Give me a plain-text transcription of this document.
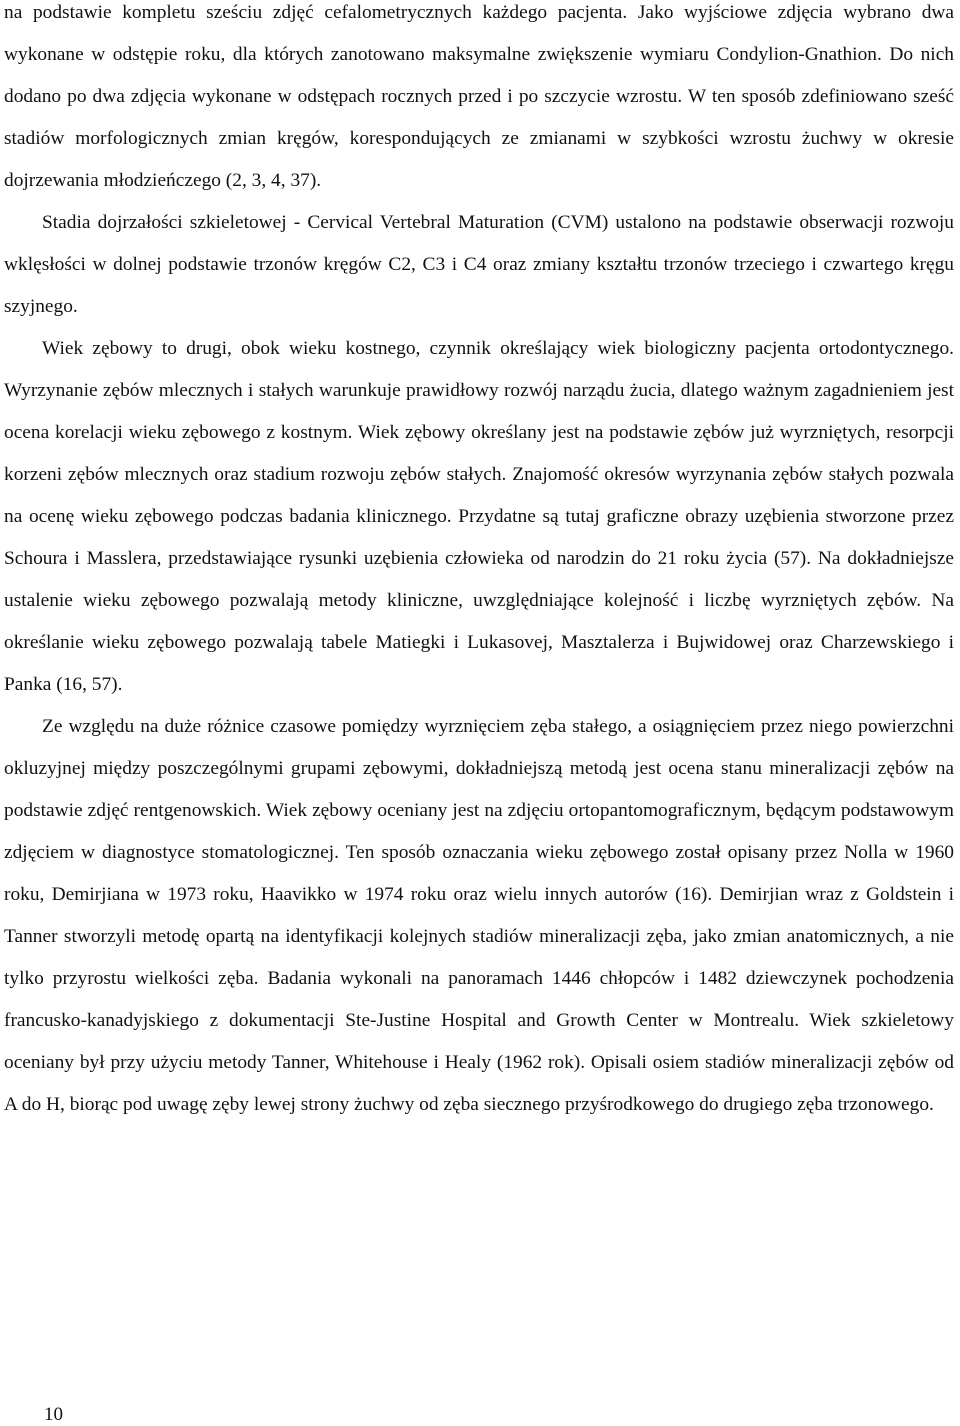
na podstawie kompletu sześciu zdjęć cefalometrycznych każdego pacjenta. Jako wyjściowe zdjęcia wybrano dwa wykonane w odstępie roku, dla których zanotowano maksymalne zwiększenie wymiaru Condylion-Gnathion. Do nich dodano po dwa zdjęcia wykonane w odstępach rocznych przed i po szczycie wzrostu. W ten sposób zdefiniowano sześć stadiów morfologicznych zmian kręgów, korespondujących ze zmianami w szybkości wzrostu żuchwy w okresie dojrzewania młodzieńczego (2, 3, 4, 37).

Stadia dojrzałości szkieletowej - Cervical Vertebral Maturation (CVM) ustalono na podstawie obserwacji rozwoju wklęsłości w dolnej podstawie trzonów kręgów C2, C3 i C4 oraz zmiany kształtu trzonów trzeciego i czwartego kręgu szyjnego.

Wiek zębowy to drugi, obok wieku kostnego, czynnik określający wiek biologiczny pacjenta ortodontycznego. Wyrzynanie zębów mlecznych i stałych warunkuje prawidłowy rozwój narządu żucia, dlatego ważnym zagadnieniem jest ocena korelacji wieku zębowego z kostnym. Wiek zębowy określany jest na podstawie zębów już wyrzniętych, resorpcji korzeni zębów mlecznych oraz stadium rozwoju zębów stałych. Znajomość okresów wyrzynania zębów stałych pozwala na ocenę wieku zębowego podczas badania klinicznego. Przydatne są tutaj graficzne obrazy uzębienia stworzone przez Schoura i Masslera, przedstawiające rysunki uzębienia człowieka od narodzin do 21 roku życia (57). Na dokładniejsze ustalenie wieku zębowego pozwalają metody kliniczne, uwzględniające kolejność i liczbę wyrzniętych zębów. Na określanie wieku zębowego pozwalają tabele Matiegki i Lukasovej, Masztalerza i Bujwidowej oraz Charzewskiego i Panka (16, 57).

Ze względu na duże różnice czasowe pomiędzy wyrznięciem zęba stałego, a osiągnięciem przez niego powierzchni okluzyjnej między poszczególnymi grupami zębowymi, dokładniejszą metodą jest ocena stanu mineralizacji zębów na podstawie zdjęć rentgenowskich. Wiek zębowy oceniany jest na zdjęciu ortopantomograficznym, będącym podstawowym zdjęciem w diagnostyce stomatologicznej. Ten sposób oznaczania wieku zębowego został opisany przez Nolla w 1960 roku, Demirjiana w 1973 roku, Haavikko w 1974 roku oraz wielu innych autorów (16). Demirjian wraz z Goldstein i Tanner stworzyli metodę opartą na identyfikacji kolejnych stadiów mineralizacji zęba, jako zmian anatomicznych, a nie tylko przyrostu wielkości zęba. Badania wykonali na panoramach 1446 chłopców i 1482 dziewczynek pochodzenia francusko-kanadyjskiego z dokumentacji Ste-Justine Hospital and Growth Center w Montrealu. Wiek szkieletowy oceniany był przy użyciu metody Tanner, Whitehouse i Healy (1962 rok). Opisali osiem stadiów mineralizacji zębów od A do H, biorąc pod uwagę zęby lewej strony żuchwy od zęba siecznego przyśrodkowego do drugiego zęba trzonowego.

10
